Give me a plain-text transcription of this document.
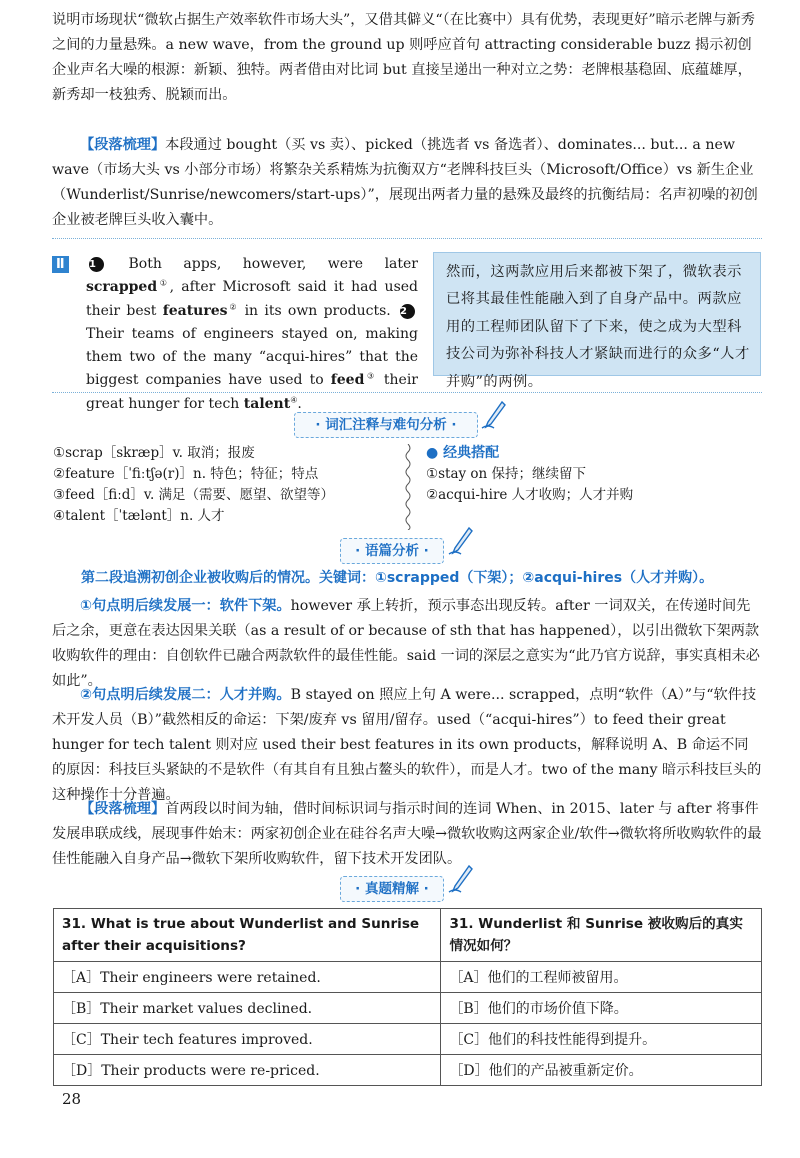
说明市场现状“微软占据生产效率软件市场大头”，又借其僻义“（在比赛中）具有优势，表现更好”暗示老牌与新秀之间的力量悬殊。a new wave，from the ground up 则呼应首句 attracting considerable buzz 揭示初创企业声名大噪的根源：新颖、独特。两者借由对比词 but 直接呈递出一种对立之势：老牌根基稳固、底蕴雄厚，新秀却一枝独秀、脱颖而出。

【段落梳理】本段通过 bought（买 vs 卖）、picked（挑选者 vs 备选者）、dominates... but... a new wave（市场大头 vs 小部分市场）将繁杂关系精炼为抗衡双方“老牌科技巨头（Microsoft/Office）vs 新生企业（Wunderlist/Sunrise/newcomers/start-ups）”，展现出两者力量的悬殊及最终的抗衡结局：名声初噪的初创企业被老牌巨头收入囊中。

Ⅱ	1 Both apps, however, were later scrapped①, after Microsoft said it had used their best features② in its own products. 2Their teams of engineers stayed on, making them two of the many “acqui-hires” that the biggest companies have used to feed③ their great hunger for tech talent④.
然而，这两款应用后来都被下架了，微软表示已将其最佳性能融入到了自身产品中。两款应用的工程师团队留下了下来，使之成为大型科技公司为弥补科技人才紧缺而进行的众多“人才并购”的两例。
· 词汇注释与难句分析 ·
①scrap［skræp］v. 取消；报废
②feature［ˈfiːtʃə(r)］n. 特色；特征；特点
③feed［fiːd］v. 满足（需要、愿望、欲望等）
④talent［ˈtælənt］n. 人才
● 经典搭配
①stay on 保持；继续留下
②acqui-hire 人才收购；人才并购
· 语篇分析 ·
第二段追溯初创企业被收购后的情况。关键词：①scrapped（下架）；②acqui-hires（人才并购）。

①句点明后续发展一：软件下架。however 承上转折，预示事态出现反转。after 一词双关，在传递时间先后之余，更意在表达因果关联（as a result of or because of sth that has happened），以引出微软下架两款收购软件的理由：自创软件已融合两款软件的最佳性能。said 一词的深层之意实为“此乃官方说辞，事实真相未必如此”。

②句点明后续发展二：人才并购。B stayed on 照应上句 A were... scrapped，点明“软件（A）”与“软件技术开发人员（B）”截然相反的命运：下架/废弃 vs 留用/留存。used（“acqui-hires”）to feed their great hunger for tech talent 则对应 used their best features in its own products，解释说明 A、B 命运不同的原因：科技巨头紧缺的不是软件（有其自有且独占鳌头的软件），而是人才。two of the many 暗示科技巨头的这种操作十分普遍。

【段落梳理】首两段以时间为轴，借时间标识词与指示时间的连词 When、in 2015、later 与 after 将事件发展串联成线，展现事件始末：两家初创企业在硅谷名声大噪→微软收购这两家企业/软件→微软将所收购软件的最佳性能融入自身产品→微软下架所收购软件，留下技术开发团队。

· 真题精解 ·
31. What is true about Wunderlist and Sunrise after their acquisitions?	31. Wunderlist 和 Sunrise 被收购后的真实情况如何？
［A］Their engineers were retained.	［A］他们的工程师被留用。
［B］Their market values declined.	［B］他们的市场价值下降。
［C］Their tech features improved.	［C］他们的科技性能得到提升。
［D］Their products were re-priced.	［D］他们的产品被重新定价。
28
